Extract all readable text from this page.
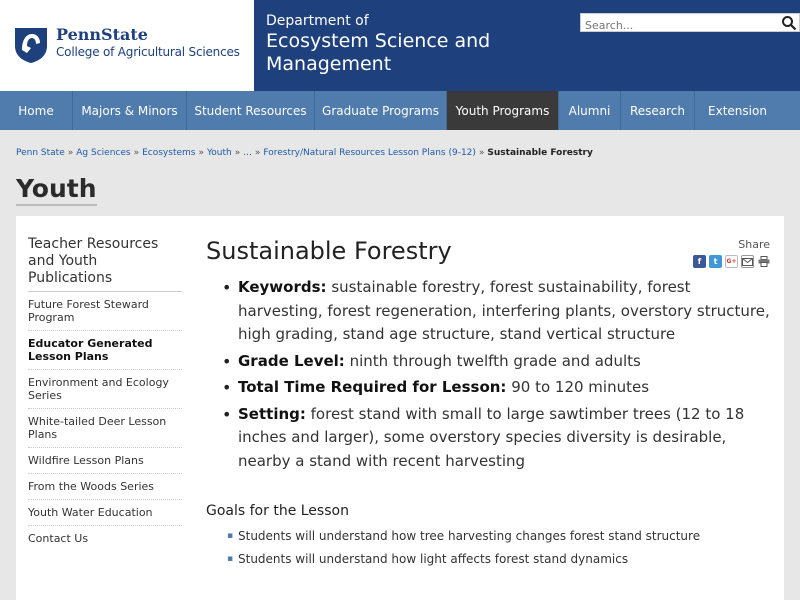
PennState
College of Agricultural Sciences
Department of
Ecosystem Science and
Management
Search...
Home	Majors & Minors	Student Resources	Graduate Programs	Youth Programs	Alumni	Research	Extension
Penn State » Ag Sciences » Ecosystems » Youth » ... » Forestry/Natural Resources Lesson Plans (9-12) » Sustainable Forestry
Youth
Teacher Resources and Youth Publications
Future Forest Steward Program
Educator Generated Lesson Plans
Environment and Ecology Series
White-tailed Deer Lesson Plans
Wildfire Lesson Plans
From the Woods Series
Youth Water Education
Contact Us
Sustainable Forestry	Share
f	t	G+
• Keywords: sustainable forestry, forest sustainability, forest harvesting, forest regeneration, interfering plants, overstory structure, high grading, stand age structure, stand vertical structure
• Grade Level: ninth through twelfth grade and adults
• Total Time Required for Lesson: 90 to 120 minutes
• Setting: forest stand with small to large sawtimber trees (12 to 18 inches and larger), some overstory species diversity is desirable, nearby a stand with recent harvesting
Goals for the Lesson
▪ Students will understand how tree harvesting changes forest stand structure
▪ Students will understand how light affects forest stand dynamics
